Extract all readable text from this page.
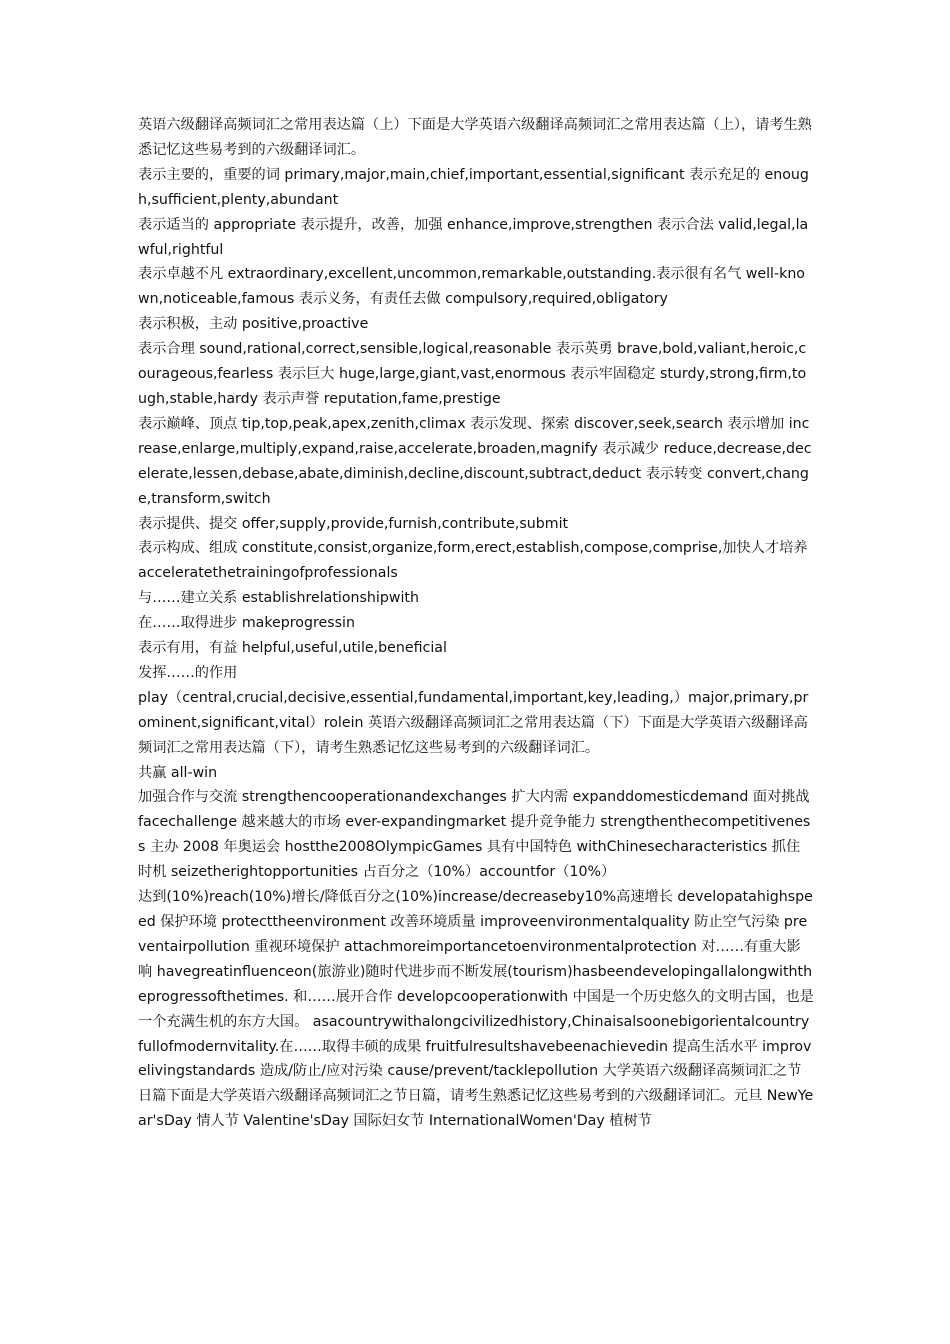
英语六级翻译高频词汇之常用表达篇（上）下面是大学英语六级翻译高频词汇之常用表达篇（上），请考生熟悉记忆这些易考到的六级翻译词汇。

表示主要的，重要的词 primary,major,main,chief,important,essential,significant 表示充足的 enough,sufficient,plenty,abundant

表示适当的 appropriate 表示提升，改善，加强 enhance,improve,strengthen 表示合法 valid,legal,lawful,rightful

表示卓越不凡 extraordinary,excellent,uncommon,remarkable,outstanding.表示很有名气 well-known,noticeable,famous 表示义务，有责任去做 compulsory,required,obligatory

表示积极，主动 positive,proactive

表示合理 sound,rational,correct,sensible,logical,reasonable 表示英勇 brave,bold,valiant,heroic,courageous,fearless 表示巨大 huge,large,giant,vast,enormous 表示牢固稳定 sturdy,strong,firm,tough,stable,hardy 表示声誉 reputation,fame,prestige

表示巅峰、顶点 tip,top,peak,apex,zenith,climax 表示发现、探索 discover,seek,search 表示增加 increase,enlarge,multiply,expand,raise,accelerate,broaden,magnify 表示减少 reduce,decrease,decelerate,lessen,debase,abate,diminish,decline,discount,subtract,deduct 表示转变 convert,change,transform,switch

表示提供、提交 offer,supply,provide,furnish,contribute,submit

表示构成、组成 constitute,consist,organize,form,erect,establish,compose,comprise,加快人才培养 acceleratethetrainingofprofessionals

与……建立关系 establishrelationshipwith

在……取得进步 makeprogressin

表示有用，有益 helpful,useful,utile,beneficial

发挥……的作用

play（central,crucial,decisive,essential,fundamental,important,key,leading,）major,primary,prominent,significant,vital）rolein 英语六级翻译高频词汇之常用表达篇（下）下面是大学英语六级翻译高频词汇之常用表达篇（下），请考生熟悉记忆这些易考到的六级翻译词汇。

共赢 all-win

加强合作与交流 strengthencooperationandexchanges 扩大内需 expanddomesticdemand 面对挑战 facechallenge 越来越大的市场 ever-expandingmarket 提升竞争能力 strengthenthecompetitiveness 主办 2008 年奥运会 hostthe2008OlympicGames 具有中国特色 withChinesecharacteristics 抓住时机 seizetherightopportunities 占百分之（10%）accountfor（10%）

达到(10%)reach(10%)增长/降低百分之(10%)increase/decreaseby10%高速增长 developatahighspeed 保护环境 protecttheenvironment 改善环境质量 improveenvironmentalquality 防止空气污染 preventairpollution 重视环境保护 attachmoreimportancetoenvironmentalprotection 对……有重大影响 havegreatinfluenceon(旅游业)随时代进步而不断发展(tourism)hasbeendevelopingallalongwiththeprogressofthetimes. 和……展开合作 developcooperationwith 中国是一个历史悠久的文明古国，也是一个充满生机的东方大国。 asacountrywithalongcivilizedhistory,Chinaisalsoonebigorientalcountryfullofmodernvitality.在……取得丰硕的成果 fruitfulresultshavebeenachievedin 提高生活水平 improvelivingstandards 造成/防止/应对污染 cause/prevent/tacklepollution 大学英语六级翻译高频词汇之节日篇下面是大学英语六级翻译高频词汇之节日篇，请考生熟悉记忆这些易考到的六级翻译词汇。元旦 NewYear'sDay 情人节 Valentine'sDay 国际妇女节 InternationalWomen'Day 植树节
